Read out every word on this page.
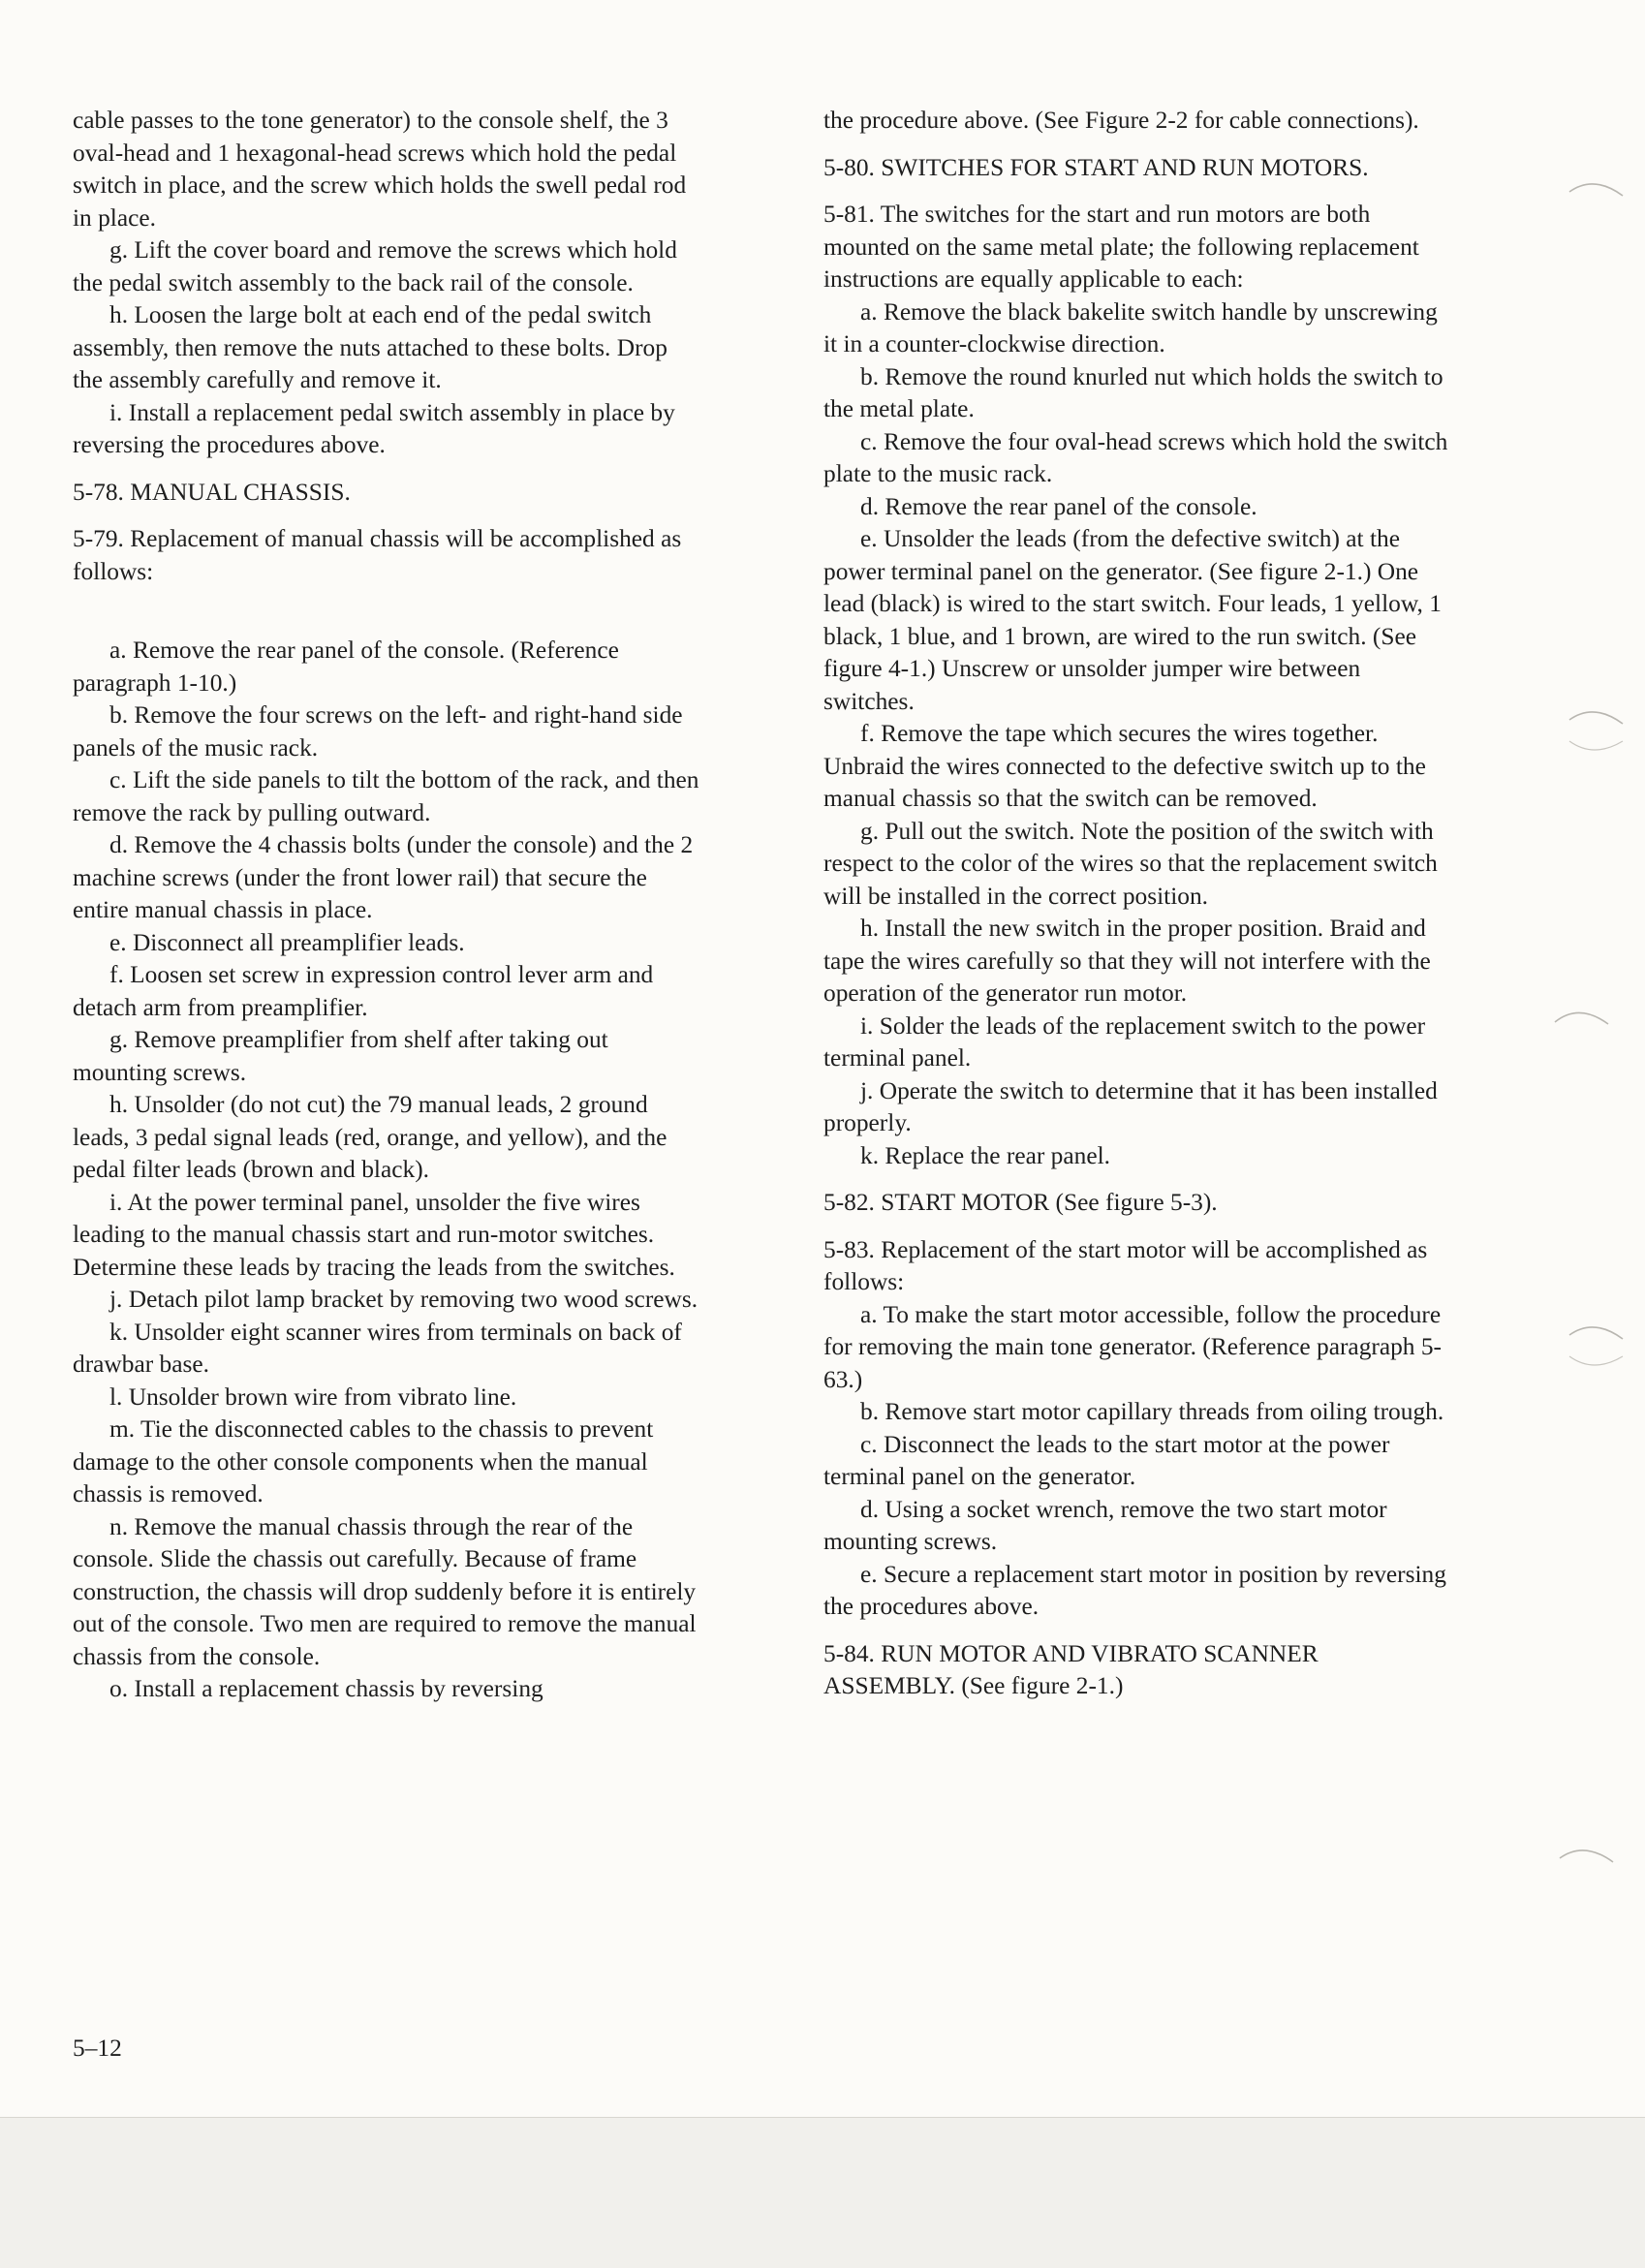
cable passes to the tone generator) to the console shelf, the 3 oval-head and 1 hexagonal-head screws which hold the pedal switch in place, and the screw which holds the swell pedal rod in place.

g. Lift the cover board and remove the screws which hold the pedal switch assembly to the back rail of the console.

h. Loosen the large bolt at each end of the pedal switch assembly, then remove the nuts attached to these bolts. Drop the assembly carefully and remove it.

i. Install a replacement pedal switch assembly in place by reversing the procedures above.

5-78. MANUAL CHASSIS.

5-79. Replacement of manual chassis will be accomplished as follows:

a. Remove the rear panel of the console. (Reference paragraph 1-10.)

b. Remove the four screws on the left- and right-hand side panels of the music rack.

c. Lift the side panels to tilt the bottom of the rack, and then remove the rack by pulling outward.

d. Remove the 4 chassis bolts (under the console) and the 2 machine screws (under the front lower rail) that secure the entire manual chassis in place.

e. Disconnect all preamplifier leads.

f. Loosen set screw in expression control lever arm and detach arm from preamplifier.

g. Remove preamplifier from shelf after taking out mounting screws.

h. Unsolder (do not cut) the 79 manual leads, 2 ground leads, 3 pedal signal leads (red, orange, and yellow), and the pedal filter leads (brown and black).

i. At the power terminal panel, unsolder the five wires leading to the manual chassis start and run-motor switches. Determine these leads by tracing the leads from the switches.

j. Detach pilot lamp bracket by removing two wood screws.

k. Unsolder eight scanner wires from terminals on back of drawbar base.

l. Unsolder brown wire from vibrato line.

m. Tie the disconnected cables to the chassis to prevent damage to the other console components when the manual chassis is removed.

n. Remove the manual chassis through the rear of the console. Slide the chassis out carefully. Because of frame construction, the chassis will drop suddenly before it is entirely out of the console. Two men are required to remove the manual chassis from the console.

o. Install a replacement chassis by reversing

the procedure above. (See Figure 2-2 for cable connections).

5-80. SWITCHES FOR START AND RUN MOTORS.

5-81. The switches for the start and run motors are both mounted on the same metal plate; the following replacement instructions are equally applicable to each:

a. Remove the black bakelite switch handle by unscrewing it in a counter-clockwise direction.

b. Remove the round knurled nut which holds the switch to the metal plate.

c. Remove the four oval-head screws which hold the switch plate to the music rack.

d. Remove the rear panel of the console.

e. Unsolder the leads (from the defective switch) at the power terminal panel on the generator. (See figure 2-1.) One lead (black) is wired to the start switch. Four leads, 1 yellow, 1 black, 1 blue, and 1 brown, are wired to the run switch. (See figure 4-1.) Unscrew or unsolder jumper wire between switches.

f. Remove the tape which secures the wires together. Unbraid the wires connected to the defective switch up to the manual chassis so that the switch can be removed.

g. Pull out the switch. Note the position of the switch with respect to the color of the wires so that the replacement switch will be installed in the correct position.

h. Install the new switch in the proper position. Braid and tape the wires carefully so that they will not interfere with the operation of the generator run motor.

i. Solder the leads of the replacement switch to the power terminal panel.

j. Operate the switch to determine that it has been installed properly.

k. Replace the rear panel.

5-82. START MOTOR (See figure 5-3).

5-83. Replacement of the start motor will be accomplished as follows:

a. To make the start motor accessible, follow the procedure for removing the main tone generator. (Reference paragraph 5-63.)

b. Remove start motor capillary threads from oiling trough.

c. Disconnect the leads to the start motor at the power terminal panel on the generator.

d. Using a socket wrench, remove the two start motor mounting screws.

e. Secure a replacement start motor in position by reversing the procedures above.

5-84. RUN MOTOR AND VIBRATO SCANNER ASSEMBLY. (See figure 2-1.)

5–12
